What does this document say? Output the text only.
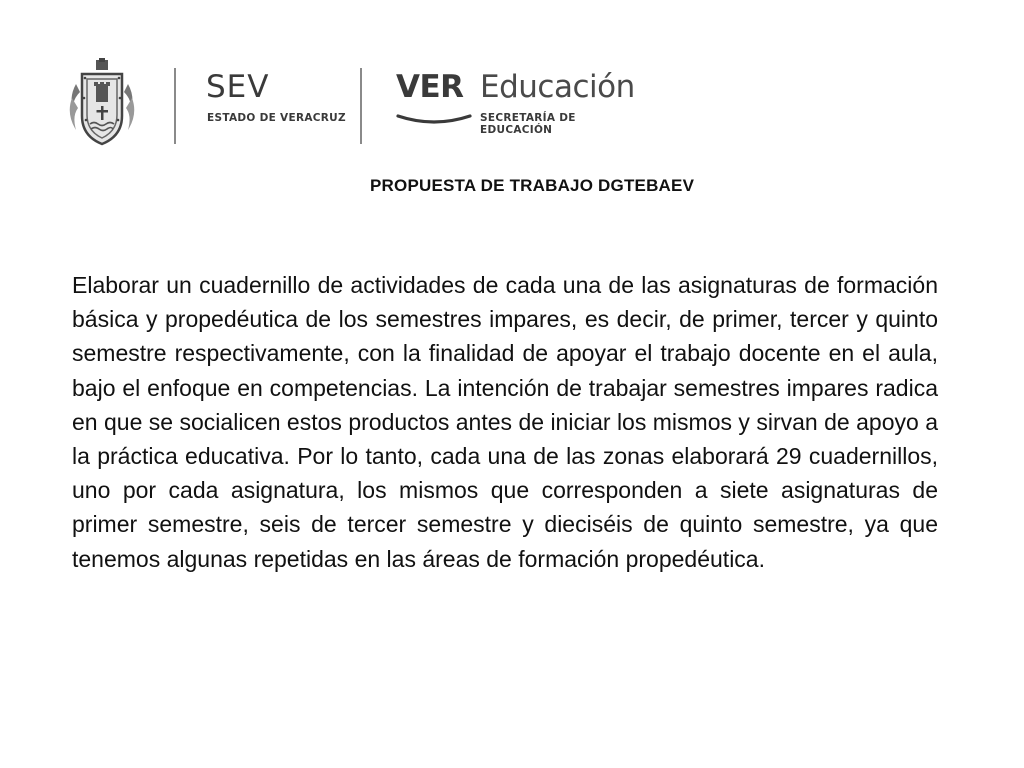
SEV

ESTADO DE VERACRUZ

VER Educación

SECRETARÍA DE EDUCACIÓN

PROPUESTA DE TRABAJO DGTEBAEV

Elaborar un cuadernillo de actividades de cada una de las asignaturas de formación básica y propedéutica de los semestres impares, es decir, de primer, tercer y quinto semestre respectivamente, con la finalidad de apoyar el trabajo docente en el aula, bajo el enfoque en competencias. La intención de trabajar semestres impares radica en que se socialicen estos productos antes de iniciar los mismos y sirvan de apoyo a la práctica educativa. Por lo tanto, cada una de las zonas elaborará 29 cuadernillos, uno por cada asignatura, los mismos que corresponden a siete asignaturas de primer semestre, seis de tercer semestre y dieciséis de quinto semestre, ya que tenemos algunas repetidas en las áreas de formación propedéutica.
